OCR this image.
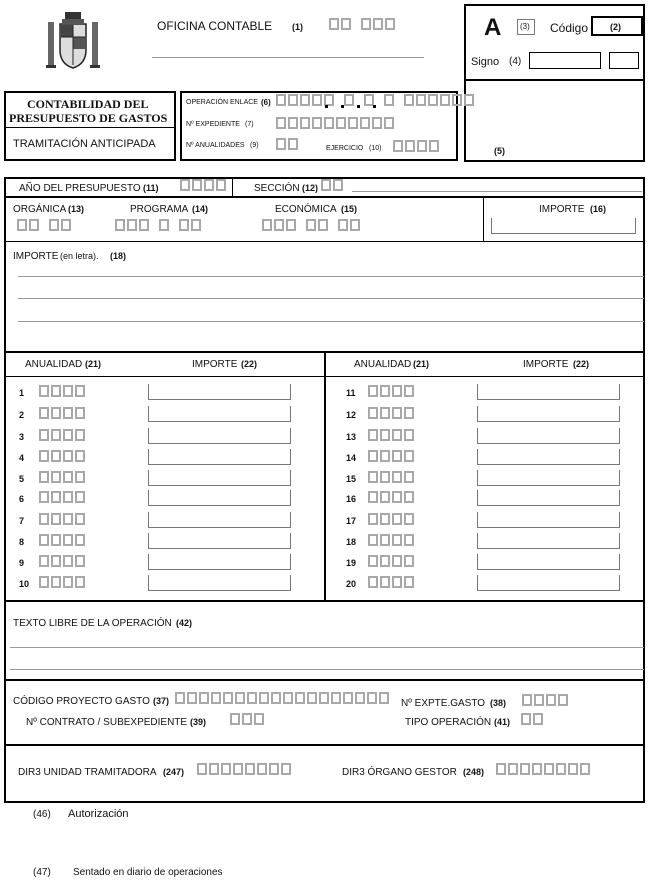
OFICINA CONTABLE (1)	A (3) Código (2)
Signo (4)
(5)
CONTABILIDAD DEL
PRESUPUESTO DE GASTOS
TRAMITACIÓN ANTICIPADA
OPERACIÓN ENLACE (6)
Nº EXPEDIENTE (7)
Nº ANUALIDADES (9)	EJERCICIO (10)
AÑO DEL PRESUPUESTO (11)	SECCIÓN (12)
ORGÁNICA (13)	PROGRAMA (14)	ECONÓMICA (15)	IMPORTE (16)
IMPORTE (en letra). (18)
ANUALIDAD (21)	IMPORTE (22)	ANUALIDAD (21)	IMPORTE (22)
1
2
3
4
5
6
7
8
9
10
11
12
13
14
15
16
17
18
19
20
TEXTO LIBRE DE LA OPERACIÓN (42)
CÓDIGO PROYECTO GASTO (37)	Nº EXPTE.GASTO (38)
Nº CONTRATO / SUBEXPEDIENTE (39)	TIPO OPERACIÓN (41)
DIR3 UNIDAD TRAMITADORA (247)	DIR3 ÓRGANO GESTOR (248)
(46) Autorización
(47) Sentado en diario de operaciones
